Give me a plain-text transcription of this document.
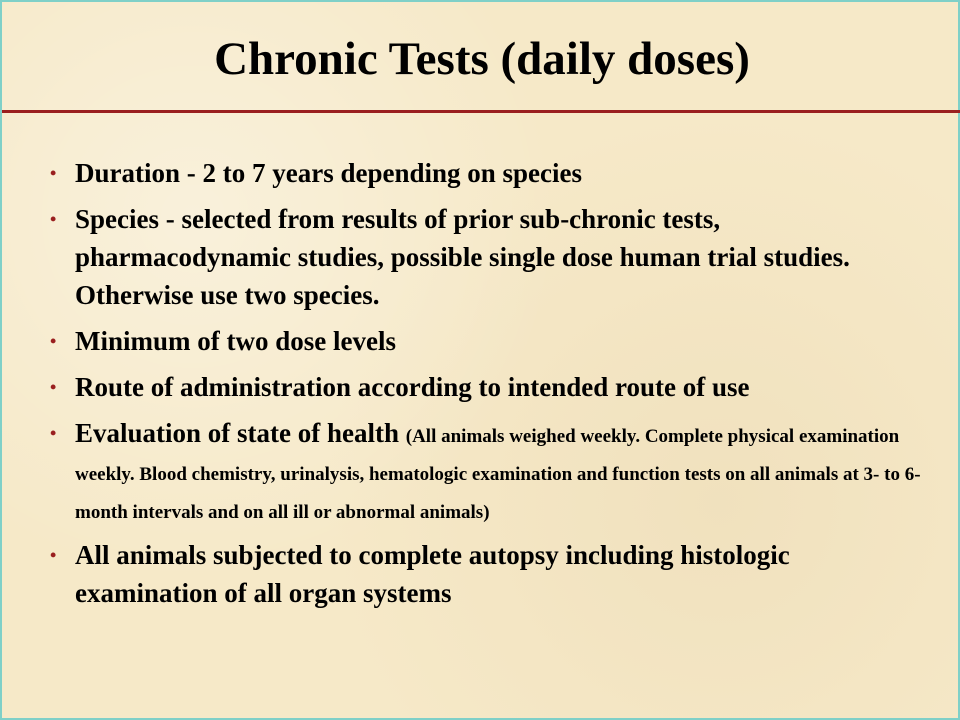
Chronic Tests (daily doses)
• Duration - 2 to 7 years depending on species
• Species - selected from results of prior sub-chronic tests, pharmacodynamic studies, possible single dose human trial studies. Otherwise use two species.
• Minimum of two dose levels
• Route of administration according to intended route of use
• Evaluation of state of health (All animals weighed weekly. Complete physical examination weekly. Blood chemistry, urinalysis, hematologic examination and function tests on all animals at 3- to 6- month intervals and on all ill or abnormal animals)
• All animals subjected to complete autopsy including histologic examination of all organ systems
